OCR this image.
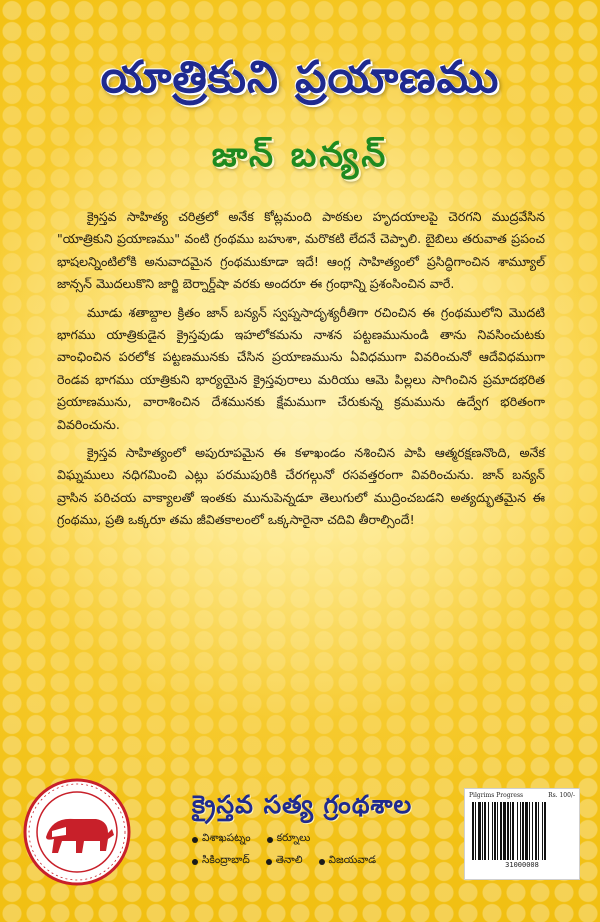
యాత్రికుని ప్రయాణము
జాన్ బన్యన్

క్రైస్తవ సాహిత్య చరిత్రలో అనేక కోట్లమంది పాఠకుల హృదయాలపై చెరగని ముద్రవేసిన "యాత్రికుని ప్రయాణము" వంటి గ్రంథము బహుశా, మరొకటి లేదనే చెప్పాలి. బైబిలు తరువాత ప్రపంచ భాషలన్నింటిలోకి అనువాదమైన గ్రంథముకూడా ఇదే! ఆంగ్ల సాహిత్యంలో ప్రసిద్ధిగాంచిన శామ్యూల్ జాన్సన్ మొదలుకొని జార్జి బెర్నార్డ్‌షా వరకు అందరూ ఈ గ్రంథాన్ని ప్రశంసించిన వారే.

మూడు శతాబ్దాల క్రితం జాన్ బన్యన్ స్వప్నసాదృశ్యరీతిగా రచించిన ఈ గ్రంథములోని మొదటి భాగము యాత్రికుడైన క్రైస్తవుడు ఇహలోకమను నాశన పట్టణమునుండి తాను నివసించుటకు వాంఛించిన పరలోక పట్టణమునకు చేసిన ప్రయాణమును ఏవిధముగా వివరించునో ఆదేవిధముగా రెండవ భాగము యాత్రికుని భార్యయైన క్రైస్తవురాలు మరియు ఆమె పిల్లలు సాగించిన ప్రమాదభరిత ప్రయాణమును, వారాశించిన దేశమునకు క్షేమముగా చేరుకున్న క్రమమును ఉద్వేగ భరితంగా వివరించును.

క్రైస్తవ సాహిత్యంలో అపురూపమైన ఈ కళాఖండం నశించిన పాపి ఆత్మరక్షణనొంది, అనేక విఘ్నములు నధిగమించి ఎట్లు పరముపురికి చేరగల్గునో రసవత్తరంగా వివరించును. జాన్ బన్యన్ వ్రాసిన పరిచయ వాక్యాలతో ఇంతకు మునుపెన్నడూ తెలుగులో ముద్రించబడని అత్యద్భుతమైన ఈ గ్రంథము, ప్రతి ఒక్కరూ తమ జీవితకాలంలో ఒక్కసారైనా చదివి తీరాల్సిందే!

క్రైస్తవ సత్య గ్రంథశాల
విశాఖపట్నం కర్నూలు
సికింద్రాబాద్ తెనాలి విజయవాడ
Pilgrims Progress	Rs. 100/-
31000008
